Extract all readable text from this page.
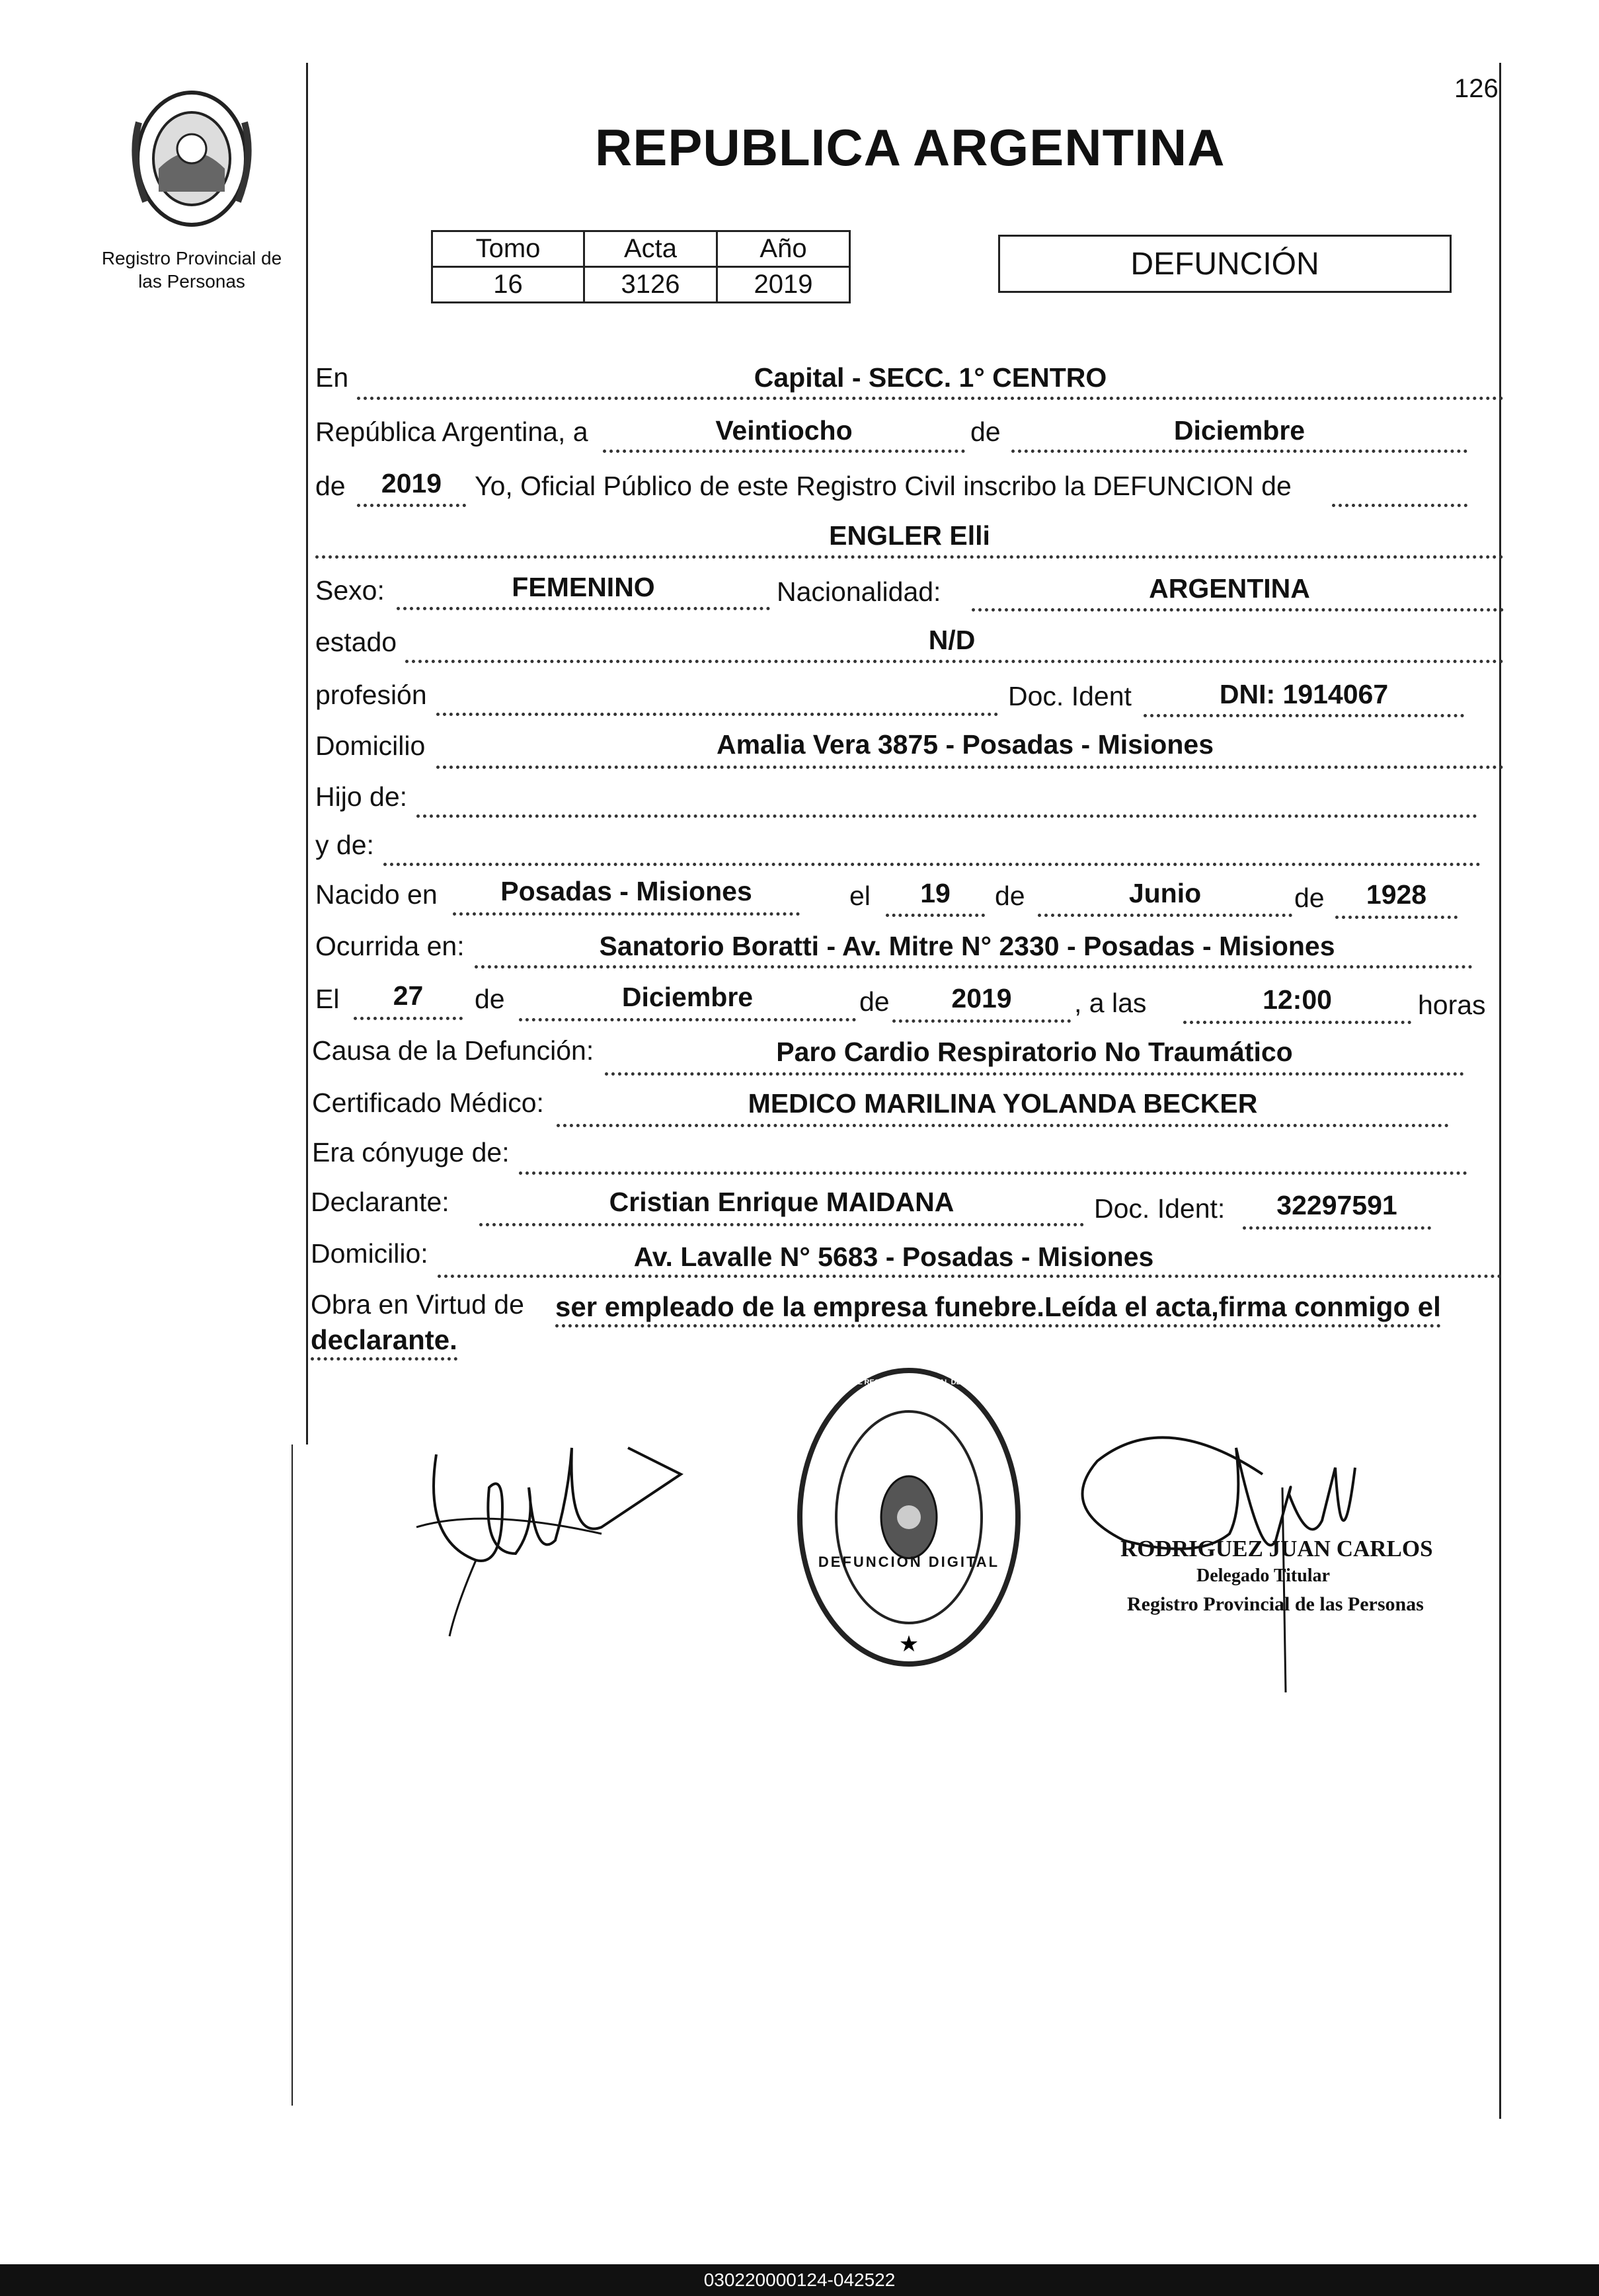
126
PROVINCIA DE MISIONES
Registro Provincial de
las Personas
REPUBLICA ARGENTINA
Tomo	Acta	Año
16	3126	2019
DEFUNCIÓN
En	Capital - SECC. 1° CENTRO
República Argentina, a	Veintiocho	de	Diciembre
de	2019	Yo, Oficial Público de este Registro Civil inscribo la DEFUNCION de
ENGLER Elli
Sexo:	FEMENINO	Nacionalidad:	ARGENTINA
estado	N/D
profesión	Doc. Ident	DNI: 1914067
Domicilio	Amalia Vera 3875 - Posadas - Misiones
Hijo de:
y de:
Nacido en	Posadas - Misiones	el	19	de	Junio	de	1928
Ocurrida en:	Sanatorio Boratti - Av. Mitre N° 2330 - Posadas - Misiones
El	27	de	Diciembre	de	2019	, a las	12:00	horas
Causa de la Defunción:	Paro Cardio Respiratorio No Traumático
Certificado Médico:	MEDICO MARILINA YOLANDA BECKER
Era cónyuge de:
Declarante:	Cristian Enrique MAIDANA	Doc. Ident:	32297591
Domicilio:	Av. Lavalle N° 5683 - Posadas - Misiones
Obra en Virtud de ser empleado de la empresa funebre.Leída el acta,firma conmigo el
declarante.
★
DELEGACION DEL REGISTRO PROVINCIAL DE LAS PERSONAS
DEFUNCION DIGITAL
RODRIGUEZ JUAN CARLOS
Delegado Titular
Registro Provincial de las Personas
030220000124-042522
